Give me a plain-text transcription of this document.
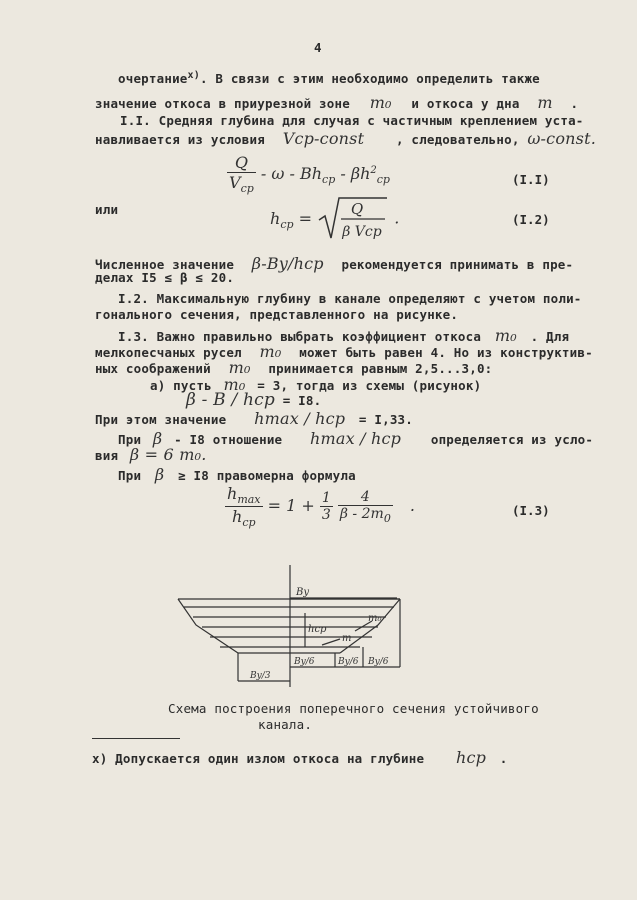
4
очертание$^{x)}$. В связи с этим необходимо определить также
значение откоса в приурезной зоне m₀ и откоса у дна m .
I.I. Средняя глубина для случая с частичным креплением уста-
навливается из условия Vср-const	, следовательно, ω-const.
$\frac{Q}{V_{cp}}$ - ω - $Bh_{cp} - \beta h^2_{cp}$	(I.I)
или	$h_{cp}$ =	Q
β Vcp
.	(I.2)
Численное значение β-By/hср рекомендуется принимать в пре-
делах I5 ≤ β ≤ 20.
I.2. Максимальную глубину в канале определяют с учетом поли-
гонального сечения, представленного на рисунке.
I.3. Важно правильно выбрать коэффициент откоса m₀ . Для
мелкопесчаных русел m₀ может быть равен 4. Но из конструктив-
ных соображений m₀ принимается равным 2,5...3,0:
а) пусть m₀ = 3, тогда из схемы (рисунок)
β - B / hср = I8.
При этом значение hmax / hср = I,33.
При β - I8 отношение hmax / hср определяется из усло-
вия β = 6 m₀.
При β ≥ I8 правомерна формула
$\frac{h_{max}}{h_{cp}} = 1 + \frac{1}{3}$
$\frac{4}{\beta - 2m_0}$ .	(I.3)
By
hср
m
m₀
By/6	By/6 By/6
By/3
Схема построения поперечного сечения устойчивого
канала.
x) Допускается один излом откоса на глубине hср .
